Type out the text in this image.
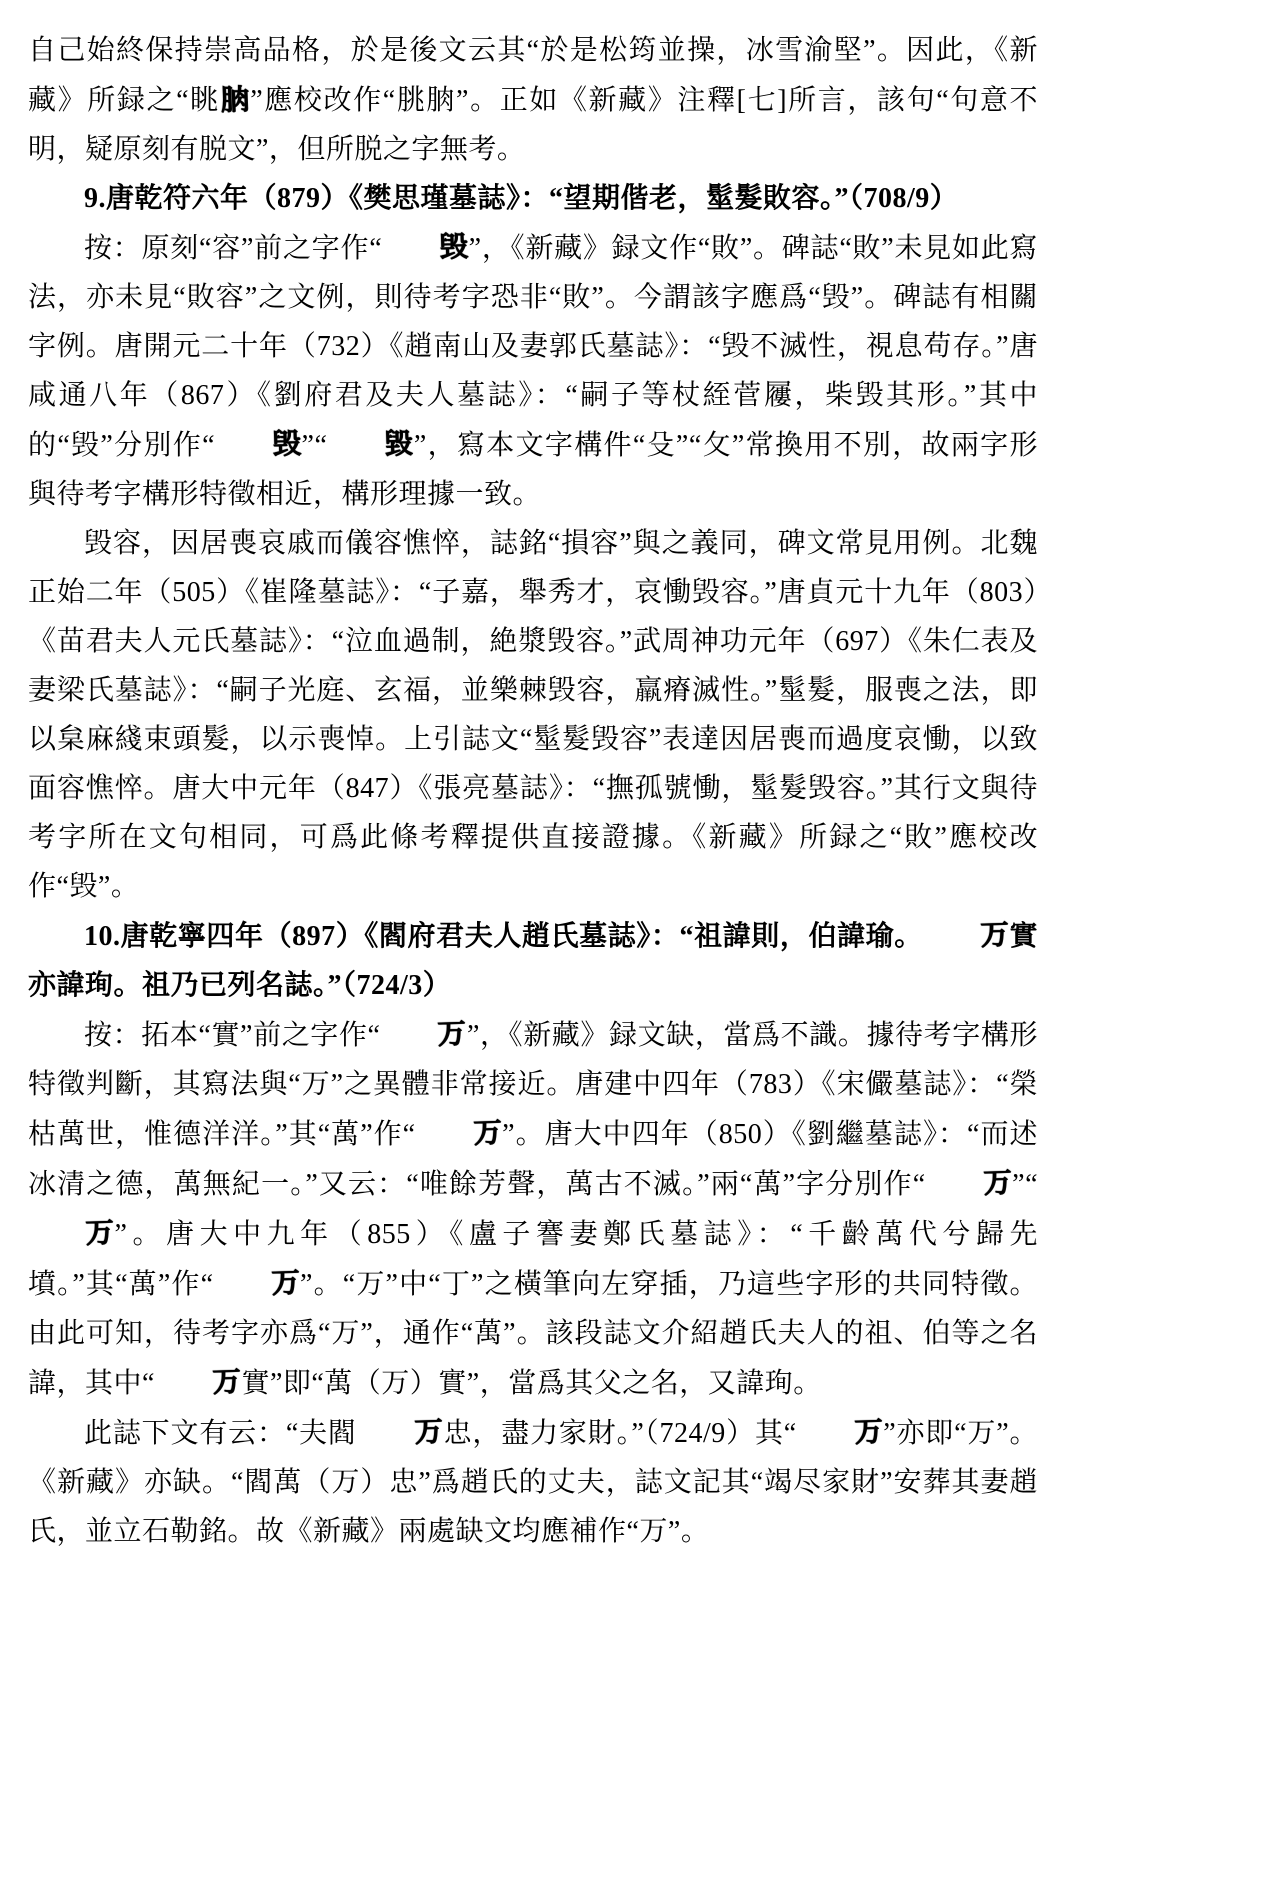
自己始終保持崇高品格，於是後文云其“於是松筠並操，冰雪渝堅”。因此，《新藏》所録之“眺朒”應校改作“朓朒”。正如《新藏》注釋[七]所言，該句“句意不明，疑原刻有脱文”，但所脱之字無考。

9.唐乾符六年（879）《樊思瑾墓誌》：“望期偕老，髽髮敗容。”（708/9）

按：原刻“容”前之字作“ 毁”，《新藏》録文作“敗”。碑誌“敗”未見如此寫法，亦未見“敗容”之文例，則待考字恐非“敗”。今謂該字應爲“毁”。碑誌有相關字例。唐開元二十年（732）《趙南山及妻郭氏墓誌》：“毁不滅性，視息苟存。”唐咸通八年（867）《劉府君及夫人墓誌》：“嗣子等杖絰菅屨，柴毁其形。”其中的“毁”分別作“ 毁”“ 毀”，寫本文字構件“殳”“攵”常換用不別，故兩字形與待考字構形特徵相近，構形理據一致。

毁容，因居喪哀戚而儀容憔悴，誌銘“損容”與之義同，碑文常見用例。北魏正始二年（505）《崔隆墓誌》：“子嘉，舉秀才，哀慟毁容。”唐貞元十九年（803）《苗君夫人元氏墓誌》：“泣血過制，絶漿毁容。”武周神功元年（697）《朱仁表及妻梁氏墓誌》：“嗣子光庭、玄福，並樂棘毁容，羸瘠滅性。”髽髮，服喪之法，即以枲麻綫束頭髮，以示喪悼。上引誌文“髽髮毁容”表達因居喪而過度哀慟，以致面容憔悴。唐大中元年（847）《張亮墓誌》：“撫孤號慟，髽髮毁容。”其行文與待考字所在文句相同，可爲此條考釋提供直接證據。《新藏》所録之“敗”應校改作“毁”。

10.唐乾寧四年（897）《閻府君夫人趙氏墓誌》：“祖諱則，伯諱瑜。 万實亦諱珣。祖乃已列名誌。”（724/3）

按：拓本“實”前之字作“ 万”，《新藏》録文缺，當爲不識。據待考字構形特徵判斷，其寫法與“万”之異體非常接近。唐建中四年（783）《宋儼墓誌》：“榮枯萬世，惟德洋洋。”其“萬”作“ 万”。唐大中四年（850）《劉繼墓誌》：“而述冰清之德，萬無紀一。”又云：“唯餘芳聲，萬古不滅。”兩“萬”字分別作“ 万”“万”。唐大中九年（855）《盧子謇妻鄭氏墓誌》：“千齡萬代兮歸先墳。”其“萬”作“ 万”。“万”中“丁”之橫筆向左穿插，乃這些字形的共同特徵。由此可知，待考字亦爲“万”，通作“萬”。該段誌文介紹趙氏夫人的祖、伯等之名諱，其中“ 万實”即“萬（万）實”，當爲其父之名，又諱珣。

此誌下文有云：“夫閻 万忠，盡力家財。”（724/9）其“ 万”亦即“万”。《新藏》亦缺。“閻萬（万）忠”爲趙氏的丈夫，誌文記其“竭尽家財”安葬其妻趙氏，並立石勒銘。故《新藏》兩處缺文均應補作“万”。
